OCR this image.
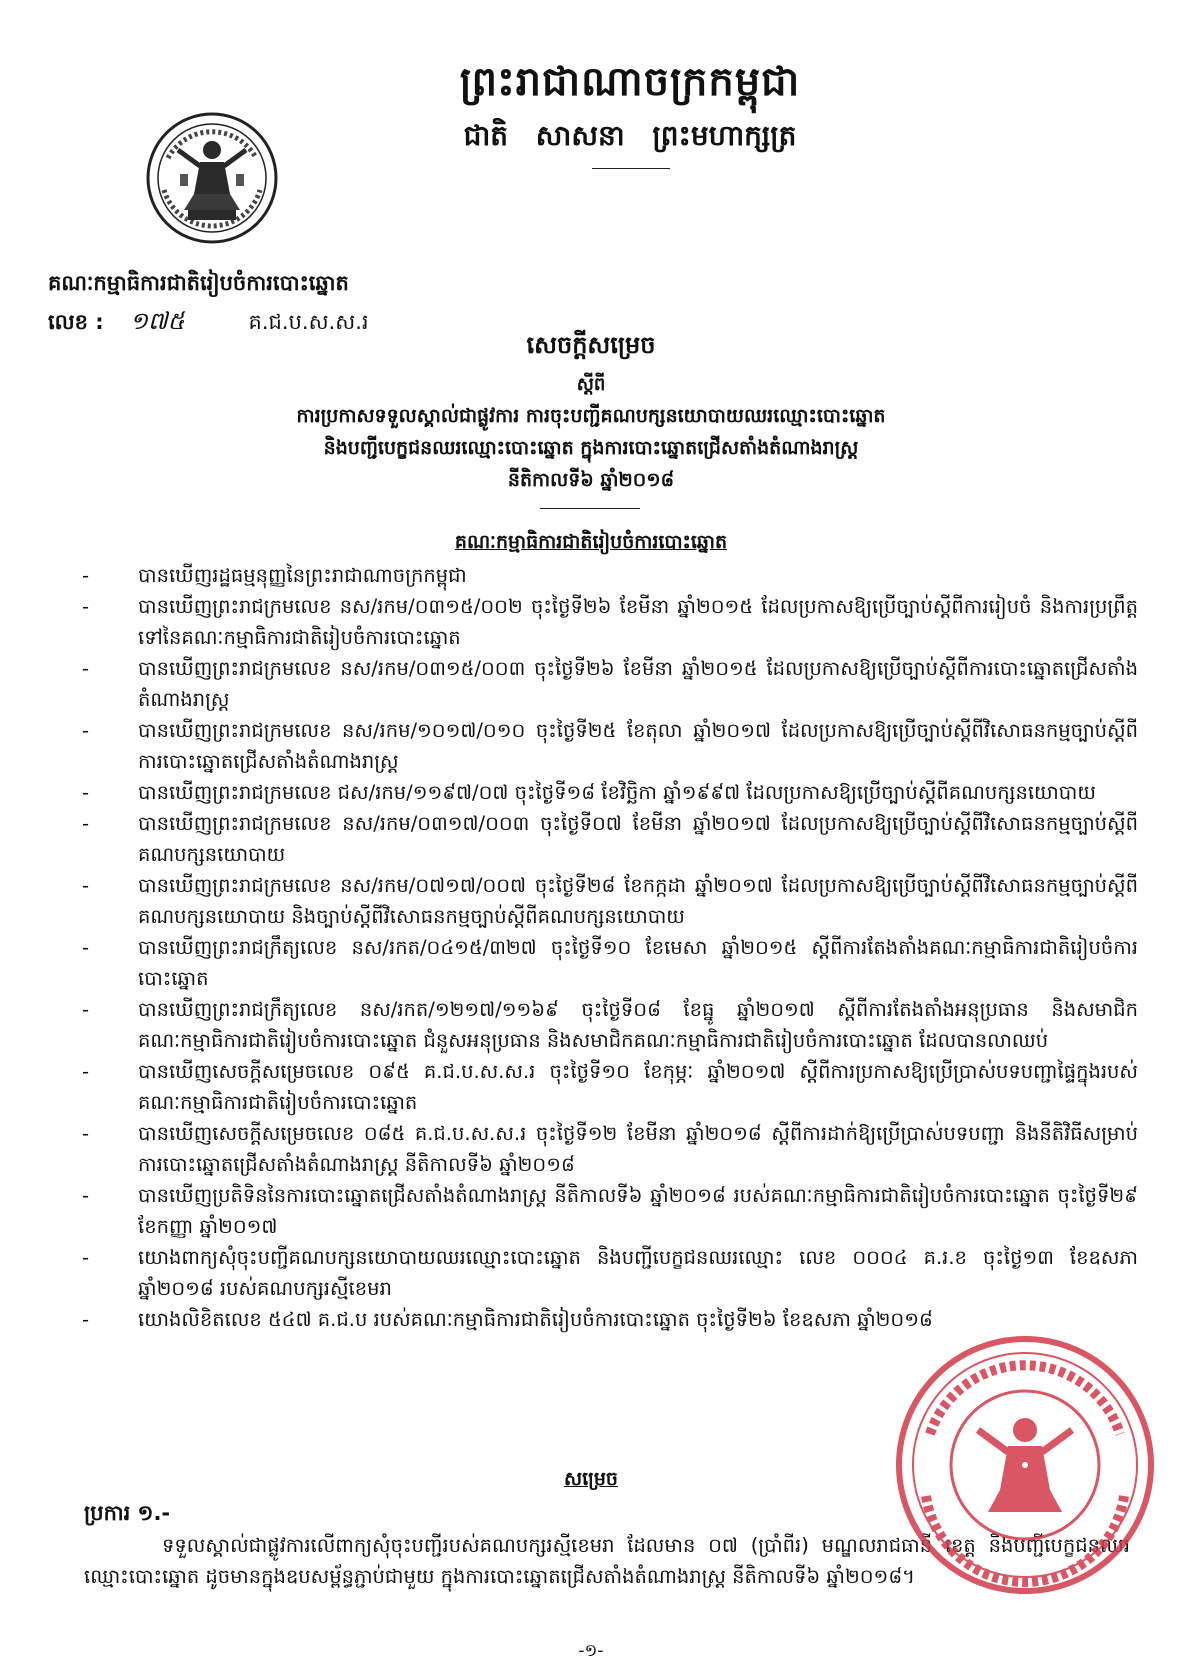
ព្រះរាជាណាចក្រកម្ពុជា
ជាតិ សាសនា ព្រះមហាក្សត្រ
គណៈកម្មាធិការជាតិរៀបចំការបោះឆ្នោត
លេខ : ១៧៥	គ.ជ.ប.ស.ស.រ
សេចក្តីសម្រេច
ស្តីពី
ការប្រកាសទទួលស្គាល់ជាផ្លូវការ ការចុះបញ្ជីគណបក្សនយោបាយឈរឈ្មោះបោះឆ្នោត
និងបញ្ជីបេក្ខជនឈរឈ្មោះបោះឆ្នោត ក្នុងការបោះឆ្នោតជ្រើសតាំងតំណាងរាស្ត្រ
នីតិកាលទី៦ ឆ្នាំ២០១៨
គណៈកម្មាធិការជាតិរៀបចំការបោះឆ្នោត
-	បានឃើញរដ្ឋធម្មនុញ្ញនៃព្រះរាជាណាចក្រកម្ពុជា
-	បានឃើញព្រះរាជក្រមលេខ នស/រកម/០៣១៥/០០២ ចុះថ្ងៃទី២៦ ខែមីនា ឆ្នាំ២០១៥ ដែលប្រកាសឱ្យប្រើច្បាប់ស្តីពីការរៀបចំ និងការប្រព្រឹត្តទៅនៃគណៈកម្មាធិការជាតិរៀបចំការបោះឆ្នោត
-	បានឃើញព្រះរាជក្រមលេខ នស/រកម/០៣១៥/០០៣ ចុះថ្ងៃទី២៦ ខែមីនា ឆ្នាំ២០១៥ ដែលប្រកាសឱ្យប្រើច្បាប់ស្តីពីការបោះឆ្នោតជ្រើសតាំងតំណាងរាស្ត្រ
-	បានឃើញព្រះរាជក្រមលេខ នស/រកម/១០១៧/០១០ ចុះថ្ងៃទី២៥ ខែតុលា ឆ្នាំ២០១៧ ដែលប្រកាសឱ្យប្រើច្បាប់ស្តីពីវិសោធនកម្មច្បាប់ស្តីពីការបោះឆ្នោតជ្រើសតាំងតំណាងរាស្ត្រ
-	បានឃើញព្រះរាជក្រមលេខ ជស/រកម/១១៩៧/០៧ ចុះថ្ងៃទី១៨ ខែវិច្ឆិកា ឆ្នាំ១៩៩៧ ដែលប្រកាសឱ្យប្រើច្បាប់ស្តីពីគណបក្សនយោបាយ
-	បានឃើញព្រះរាជក្រមលេខ នស/រកម/០៣១៧/០០៣ ចុះថ្ងៃទី០៧ ខែមីនា ឆ្នាំ២០១៧ ដែលប្រកាសឱ្យប្រើច្បាប់ស្តីពីវិសោធនកម្មច្បាប់ស្តីពីគណបក្សនយោបាយ
-	បានឃើញព្រះរាជក្រមលេខ នស/រកម/០៧១៧/០០៧ ចុះថ្ងៃទី២៨ ខែកក្កដា ឆ្នាំ២០១៧ ដែលប្រកាសឱ្យប្រើច្បាប់ស្តីពីវិសោធនកម្មច្បាប់ស្តីពីគណបក្សនយោបាយ និងច្បាប់ស្តីពីវិសោធនកម្មច្បាប់ស្តីពីគណបក្សនយោបាយ
-	បានឃើញព្រះរាជក្រឹត្យលេខ នស/រកត/០៤១៥/៣២៧ ចុះថ្ងៃទី១០ ខែមេសា ឆ្នាំ២០១៥ ស្តីពីការតែងតាំងគណៈកម្មាធិការជាតិរៀបចំការបោះឆ្នោត
-	បានឃើញព្រះរាជក្រឹត្យលេខ នស/រកត/១២១៧/១១៦៩ ចុះថ្ងៃទី០៨ ខែធ្នូ ឆ្នាំ២០១៧ ស្តីពីការតែងតាំងអនុប្រធាន និងសមាជិកគណៈកម្មាធិការជាតិរៀបចំការបោះឆ្នោត ជំនួសអនុប្រធាន និងសមាជិកគណៈកម្មាធិការជាតិរៀបចំការបោះឆ្នោត ដែលបានលាឈប់
-	បានឃើញសេចក្តីសម្រេចលេខ ០៩៥ គ.ជ.ប.ស.ស.រ ចុះថ្ងៃទី១០ ខែកុម្ភៈ ឆ្នាំ២០១៧ ស្តីពីការប្រកាសឱ្យប្រើប្រាស់បទបញ្ជាផ្ទៃក្នុងរបស់គណៈកម្មាធិការជាតិរៀបចំការបោះឆ្នោត
-	បានឃើញសេចក្តីសម្រេចលេខ ០៨៥ គ.ជ.ប.ស.ស.រ ចុះថ្ងៃទី១២ ខែមីនា ឆ្នាំ២០១៨ ស្តីពីការដាក់ឱ្យប្រើប្រាស់បទបញ្ជា និងនីតិវិធីសម្រាប់ការបោះឆ្នោតជ្រើសតាំងតំណាងរាស្ត្រ នីតិកាលទី៦ ឆ្នាំ២០១៨
-	បានឃើញប្រតិទិននៃការបោះឆ្នោតជ្រើសតាំងតំណាងរាស្ត្រ នីតិកាលទី៦ ឆ្នាំ២០១៨ របស់គណៈកម្មាធិការជាតិរៀបចំការបោះឆ្នោត ចុះថ្ងៃទី២៩ ខែកញ្ញា ឆ្នាំ២០១៧
-	យោងពាក្យសុំចុះបញ្ជីគណបក្សនយោបាយឈរឈ្មោះបោះឆ្នោត និងបញ្ជីបេក្ខជនឈរឈ្មោះ លេខ ០០០៤ គ.រ.ខ ចុះថ្ងៃ១៣ ខែឧសភា ឆ្នាំ២០១៨ របស់គណបក្សរស្មីខេមរា
-	យោងលិខិតលេខ ៥៤៧ គ.ជ.ប របស់គណៈកម្មាធិការជាតិរៀបចំការបោះឆ្នោត ចុះថ្ងៃទី២៦ ខែឧសភា ឆ្នាំ២០១៨
សម្រេច
ប្រការ ១.-
ទទួលស្គាល់ជាផ្លូវការលើពាក្យសុំចុះបញ្ជីរបស់គណបក្សរស្មីខេមរា ដែលមាន ០៧ (ប្រាំពីរ) មណ្ឌលរាជធានី ខេត្ត និងបញ្ជីបេក្ខជនឈរឈ្មោះបោះឆ្នោត ដូចមានក្នុងឧបសម្ព័ន្ធភ្ជាប់ជាមួយ ក្នុងការបោះឆ្នោតជ្រើសតាំងតំណាងរាស្ត្រ នីតិកាលទី៦ ឆ្នាំ២០១៨។
-១-
